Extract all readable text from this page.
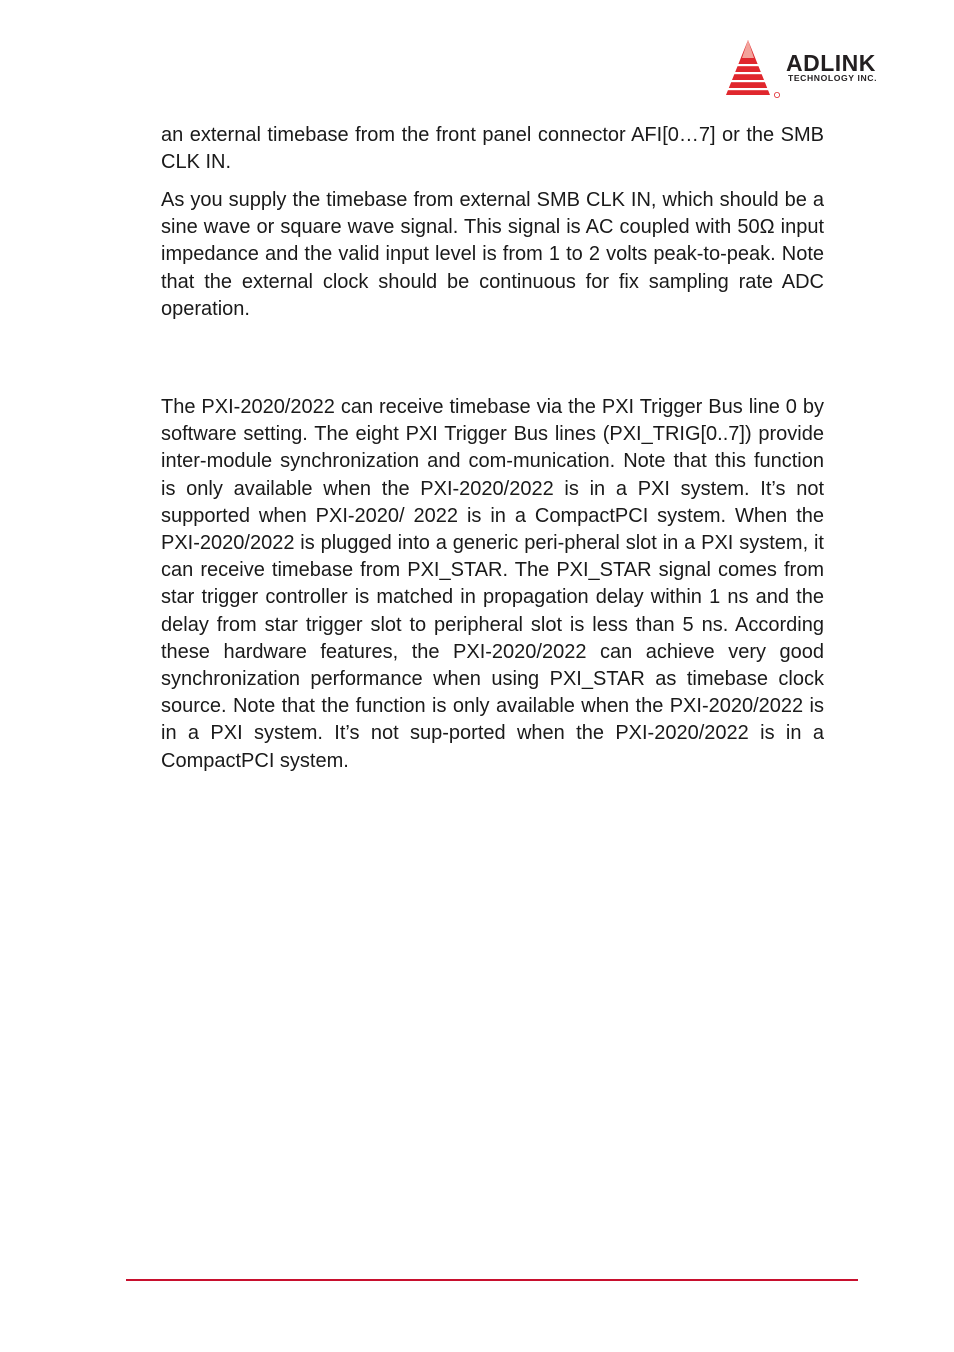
ADLINK
TECHNOLOGY INC.

an external timebase from the front panel connector AFI[0…7] or the SMB CLK IN.

As you supply the timebase from external SMB CLK IN, which should be a sine wave or square wave signal. This signal is AC coupled with 50Ω input impedance and the valid input level is from 1 to 2 volts peak-to-peak. Note that the external clock should be continuous for fix sampling rate ADC operation.

The PXI-2020/2022 can receive timebase via the PXI Trigger Bus line 0 by software setting. The eight PXI Trigger Bus lines (PXI_TRIG[0..7]) provide inter-module synchronization and com-munication. Note that this function is only available when the PXI-2020/2022 is in a PXI system. It’s not supported when PXI-2020/ 2022 is in a CompactPCI system. When the PXI-2020/2022 is plugged into a generic peri-pheral slot in a PXI system, it can receive timebase from PXI_STAR. The PXI_STAR signal comes from star trigger controller is matched in propagation delay within 1 ns and the delay from star trigger slot to peripheral slot is less than 5 ns. According these hardware features, the PXI-2020/2022 can achieve very good synchronization performance when using PXI_STAR as timebase clock source. Note that the function is only available when the PXI-2020/2022 is in a PXI system. It’s not sup-ported when the PXI-2020/2022 is in a CompactPCI system.
